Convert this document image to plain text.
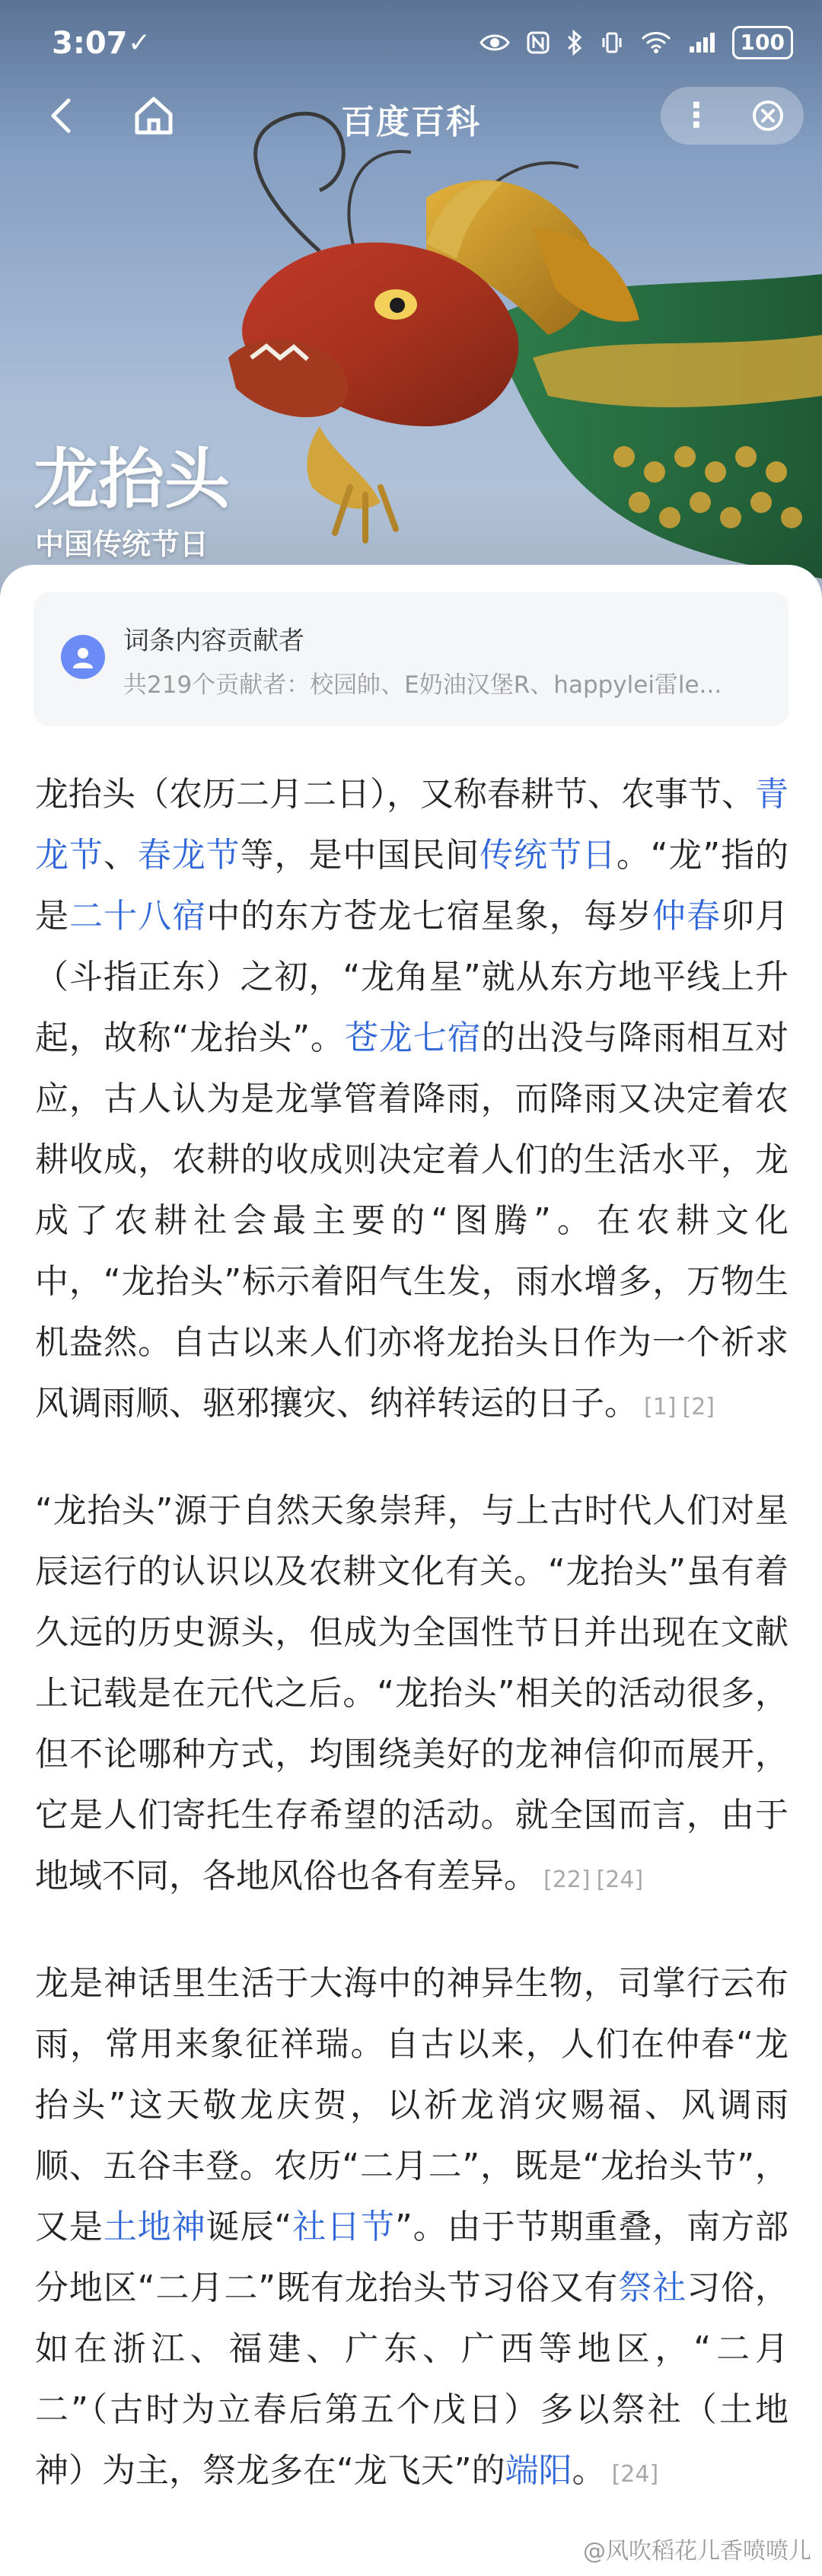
3:07 ✓	100
百度百科	⋮
龙抬头
中国传统节日
词条内容贡献者
共219个贡献者：校园帥、E奶油汉堡R、happylei雷le...

龙抬头（农历二月二日），又称春耕节、农事节、青龙节、春龙节等，是中国民间传统节日。“龙”指的是二十八宿中的东方苍龙七宿星象，每岁仲春卯月（斗指正东）之初，“龙角星”就从东方地平线上升起，故称“龙抬头”。苍龙七宿的出没与降雨相互对应，古人认为是龙掌管着降雨，而降雨又决定着农耕收成，农耕的收成则决定着人们的生活水平，龙成了农耕社会最主要的“图腾”。在农耕文化中，“龙抬头”标示着阳气生发，雨水增多，万物生机盎然。自古以来人们亦将龙抬头日作为一个祈求风调雨顺、驱邪攘灾、纳祥转运的日子。 [1] [2]

“龙抬头”源于自然天象崇拜，与上古时代人们对星辰运行的认识以及农耕文化有关。“龙抬头”虽有着久远的历史源头，但成为全国性节日并出现在文献上记载是在元代之后。“龙抬头”相关的活动很多，但不论哪种方式，均围绕美好的龙神信仰而展开，它是人们寄托生存希望的活动。就全国而言，由于地域不同，各地风俗也各有差异。 [22] [24]

龙是神话里生活于大海中的神异生物，司掌行云布雨，常用来象征祥瑞。自古以来，人们在仲春“龙抬头”这天敬龙庆贺，以祈龙消灾赐福、风调雨顺、五谷丰登。农历“二月二”，既是“龙抬头节”，又是土地神诞辰“社日节”。由于节期重叠，南方部分地区“二月二”既有龙抬头节习俗又有祭社习俗，如在浙江、福建、广东、广西等地区，“二月二”（古时为立春后第五个戊日）多以祭社（土地神）为主，祭龙多在“龙飞天”的端阳。 [24]

@风吹稻花儿香喷喷儿
